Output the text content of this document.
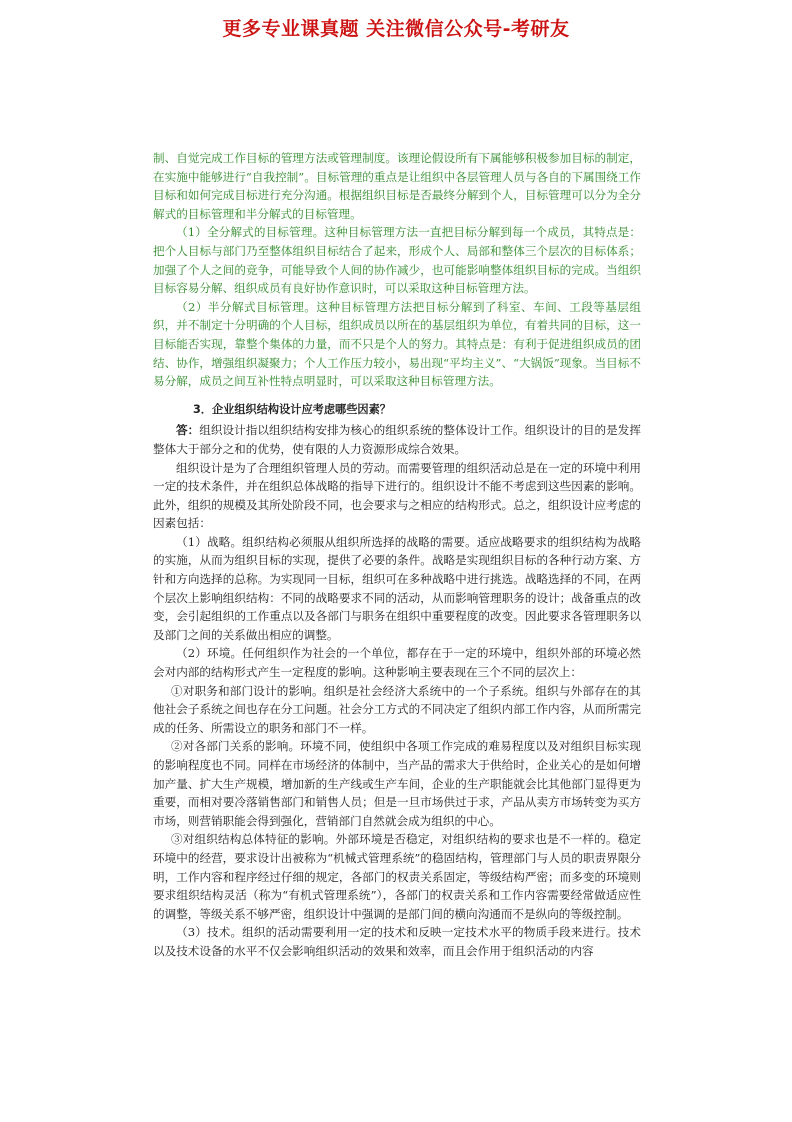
更多专业课真题 关注微信公众号-考研友

制、自觉完成工作目标的管理方法或管理制度。该理论假设所有下属能够积极参加目标的制定，在实施中能够进行“自我控制”。目标管理的重点是让组织中各层管理人员与各自的下属围绕工作目标和如何完成目标进行充分沟通。根据组织目标是否最终分解到个人，目标管理可以分为全分解式的目标管理和半分解式的目标管理。

（1）全分解式的目标管理。这种目标管理方法一直把目标分解到每一个成员，其特点是：把个人目标与部门乃至整体组织目标结合了起来，形成个人、局部和整体三个层次的目标体系；加强了个人之间的竞争，可能导致个人间的协作减少，也可能影响整体组织目标的完成。当组织目标容易分解、组织成员有良好协作意识时，可以采取这种目标管理方法。

（2）半分解式目标管理。这种目标管理方法把目标分解到了科室、车间、工段等基层组织，并不制定十分明确的个人目标，组织成员以所在的基层组织为单位，有着共同的目标，这一目标能否实现，靠整个集体的力量，而不只是个人的努力。其特点是：有利于促进组织成员的团结、协作，增强组织凝聚力；个人工作压力较小，易出现“平均主义”、“大锅饭”现象。当目标不易分解，成员之间互补性特点明显时，可以采取这种目标管理方法。

3．企业组织结构设计应考虑哪些因素？

答：组织设计指以组织结构安排为核心的组织系统的整体设计工作。组织设计的目的是发挥整体大于部分之和的优势，使有限的人力资源形成综合效果。

组织设计是为了合理组织管理人员的劳动。而需要管理的组织活动总是在一定的环境中利用一定的技术条件，并在组织总体战略的指导下进行的。组织设计不能不考虑到这些因素的影响。此外，组织的规模及其所处阶段不同，也会要求与之相应的结构形式。总之，组织设计应考虑的因素包括：

（1）战略。组织结构必须服从组织所选择的战略的需要。适应战略要求的组织结构为战略的实施，从而为组织目标的实现，提供了必要的条件。战略是实现组织目标的各种行动方案、方针和方向选择的总称。为实现同一目标，组织可在多种战略中进行挑选。战略选择的不同，在两个层次上影响组织结构：不同的战略要求不同的活动，从而影响管理职务的设计；战备重点的改变，会引起组织的工作重点以及各部门与职务在组织中重要程度的改变。因此要求各管理职务以及部门之间的关系做出相应的调整。

（2）环境。任何组织作为社会的一个单位，都存在于一定的环境中，组织外部的环境必然会对内部的结构形式产生一定程度的影响。这种影响主要表现在三个不同的层次上：

①对职务和部门设计的影响。组织是社会经济大系统中的一个子系统。组织与外部存在的其他社会子系统之间也存在分工问题。社会分工方式的不同决定了组织内部工作内容，从而所需完成的任务、所需设立的职务和部门不一样。

②对各部门关系的影响。环境不同，使组织中各项工作完成的难易程度以及对组织目标实现的影响程度也不同。同样在市场经济的体制中，当产品的需求大于供给时，企业关心的是如何增加产量、扩大生产规模，增加新的生产线或生产车间，企业的生产职能就会比其他部门显得更为重要，而相对要冷落销售部门和销售人员；但是一旦市场供过于求，产品从卖方市场转变为买方市场，则营销职能会得到强化，营销部门自然就会成为组织的中心。

③对组织结构总体特征的影响。外部环境是否稳定，对组织结构的要求也是不一样的。稳定环境中的经营，要求设计出被称为“机械式管理系统”的稳固结构，管理部门与人员的职责界限分明，工作内容和程序经过仔细的规定，各部门的权责关系固定，等级结构严密；而多变的环境则要求组织结构灵活（称为“有机式管理系统”），各部门的权责关系和工作内容需要经常做适应性的调整，等级关系不够严密，组织设计中强调的是部门间的横向沟通而不是纵向的等级控制。

（3）技术。组织的活动需要利用一定的技术和反映一定技术水平的物质手段来进行。技术以及技术设备的水平不仅会影响组织活动的效果和效率，而且会作用于组织活动的内容
